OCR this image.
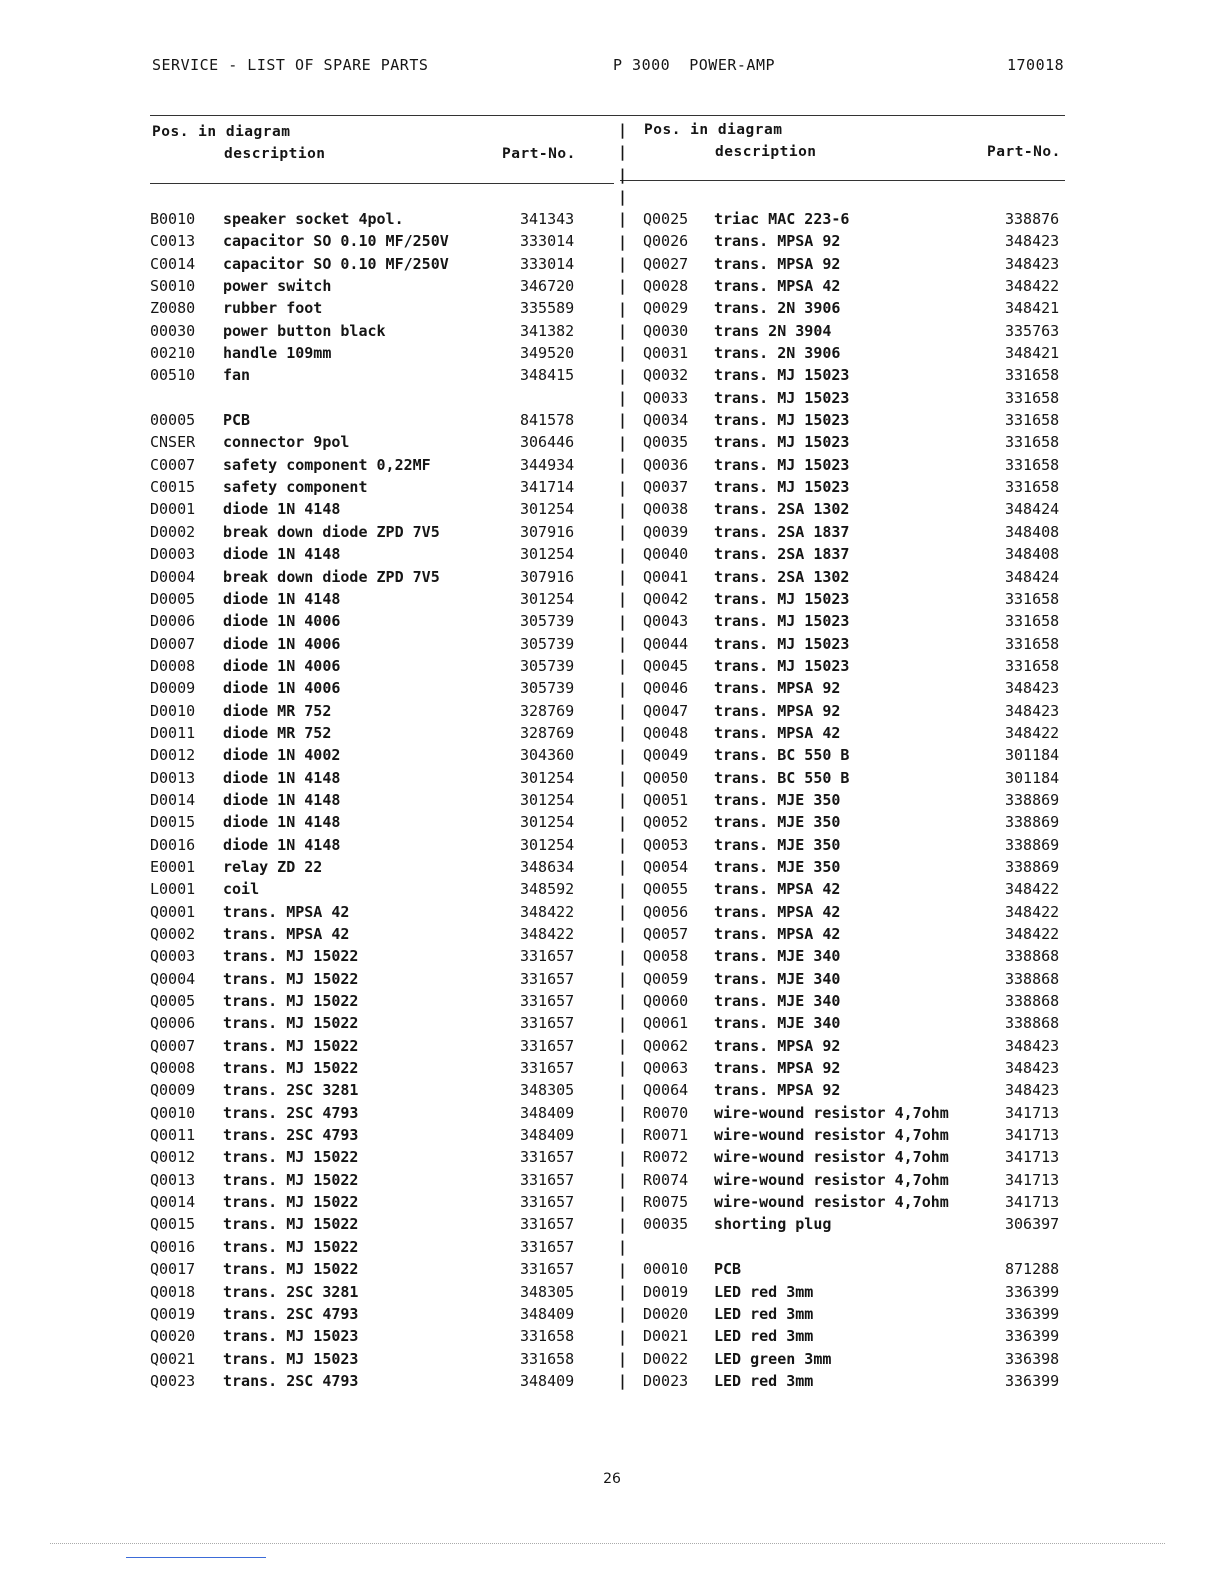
SERVICE - LIST OF SPARE PARTS	P 3000  POWER-AMP	170018
Pos. in diagram
description	Part-No.
Pos. in diagram
description	Part-No.
|
|
|
|
|
|
|
|
|
|
|
|
|
|
|
|
|
|
|
|
|
|
|
|
|
|
|
|
|
|
|
|
|
|
|
|
|
|
|
|
|
|
|
|
|
|
|
|
|
|
|
|
|
|
|
|
|
B0010 speaker socket 4pol.	341343
C0013 capacitor SO 0.10 MF/250V	333014
C0014 capacitor SO 0.10 MF/250V	333014
S0010 power switch	346720
Z0080 rubber foot	335589
00030 power button black	341382
00210 handle 109mm	349520
00510 fan	348415
00005 PCB	841578
CNSER connector 9pol	306446
C0007 safety component 0,22MF	344934
C0015 safety component	341714
D0001 diode 1N 4148	301254
D0002 break down diode ZPD 7V5	307916
D0003 diode 1N 4148	301254
D0004 break down diode ZPD 7V5	307916
D0005 diode 1N 4148	301254
D0006 diode 1N 4006	305739
D0007 diode 1N 4006	305739
D0008 diode 1N 4006	305739
D0009 diode 1N 4006	305739
D0010 diode MR 752	328769
D0011 diode MR 752	328769
D0012 diode 1N 4002	304360
D0013 diode 1N 4148	301254
D0014 diode 1N 4148	301254
D0015 diode 1N 4148	301254
D0016 diode 1N 4148	301254
E0001 relay ZD 22	348634
L0001 coil	348592
Q0001 trans. MPSA 42	348422
Q0002 trans. MPSA 42	348422
Q0003 trans. MJ 15022	331657
Q0004 trans. MJ 15022	331657
Q0005 trans. MJ 15022	331657
Q0006 trans. MJ 15022	331657
Q0007 trans. MJ 15022	331657
Q0008 trans. MJ 15022	331657
Q0009 trans. 2SC 3281	348305
Q0010 trans. 2SC 4793	348409
Q0011 trans. 2SC 4793	348409
Q0012 trans. MJ 15022	331657
Q0013 trans. MJ 15022	331657
Q0014 trans. MJ 15022	331657
Q0015 trans. MJ 15022	331657
Q0016 trans. MJ 15022	331657
Q0017 trans. MJ 15022	331657
Q0018 trans. 2SC 3281	348305
Q0019 trans. 2SC 4793	348409
Q0020 trans. MJ 15023	331658
Q0021 trans. MJ 15023	331658
Q0023 trans. 2SC 4793	348409
Q0025 triac MAC 223-6	338876
Q0026 trans. MPSA 92	348423
Q0027 trans. MPSA 92	348423
Q0028 trans. MPSA 42	348422
Q0029 trans. 2N 3906	348421
Q0030 trans 2N 3904	335763
Q0031 trans. 2N 3906	348421
Q0032 trans. MJ 15023	331658
Q0033 trans. MJ 15023	331658
Q0034 trans. MJ 15023	331658
Q0035 trans. MJ 15023	331658
Q0036 trans. MJ 15023	331658
Q0037 trans. MJ 15023	331658
Q0038 trans. 2SA 1302	348424
Q0039 trans. 2SA 1837	348408
Q0040 trans. 2SA 1837	348408
Q0041 trans. 2SA 1302	348424
Q0042 trans. MJ 15023	331658
Q0043 trans. MJ 15023	331658
Q0044 trans. MJ 15023	331658
Q0045 trans. MJ 15023	331658
Q0046 trans. MPSA 92	348423
Q0047 trans. MPSA 92	348423
Q0048 trans. MPSA 42	348422
Q0049 trans. BC 550 B	301184
Q0050 trans. BC 550 B	301184
Q0051 trans. MJE 350	338869
Q0052 trans. MJE 350	338869
Q0053 trans. MJE 350	338869
Q0054 trans. MJE 350	338869
Q0055 trans. MPSA 42	348422
Q0056 trans. MPSA 42	348422
Q0057 trans. MPSA 42	348422
Q0058 trans. MJE 340	338868
Q0059 trans. MJE 340	338868
Q0060 trans. MJE 340	338868
Q0061 trans. MJE 340	338868
Q0062 trans. MPSA 92	348423
Q0063 trans. MPSA 92	348423
Q0064 trans. MPSA 92	348423
R0070 wire-wound resistor 4,7ohm	341713
R0071 wire-wound resistor 4,7ohm	341713
R0072 wire-wound resistor 4,7ohm	341713
R0074 wire-wound resistor 4,7ohm	341713
R0075 wire-wound resistor 4,7ohm	341713
00035 shorting plug	306397
00010 PCB	871288
D0019 LED red 3mm	336399
D0020 LED red 3mm	336399
D0021 LED red 3mm	336399
D0022 LED green 3mm	336398
D0023 LED red 3mm	336399
26
